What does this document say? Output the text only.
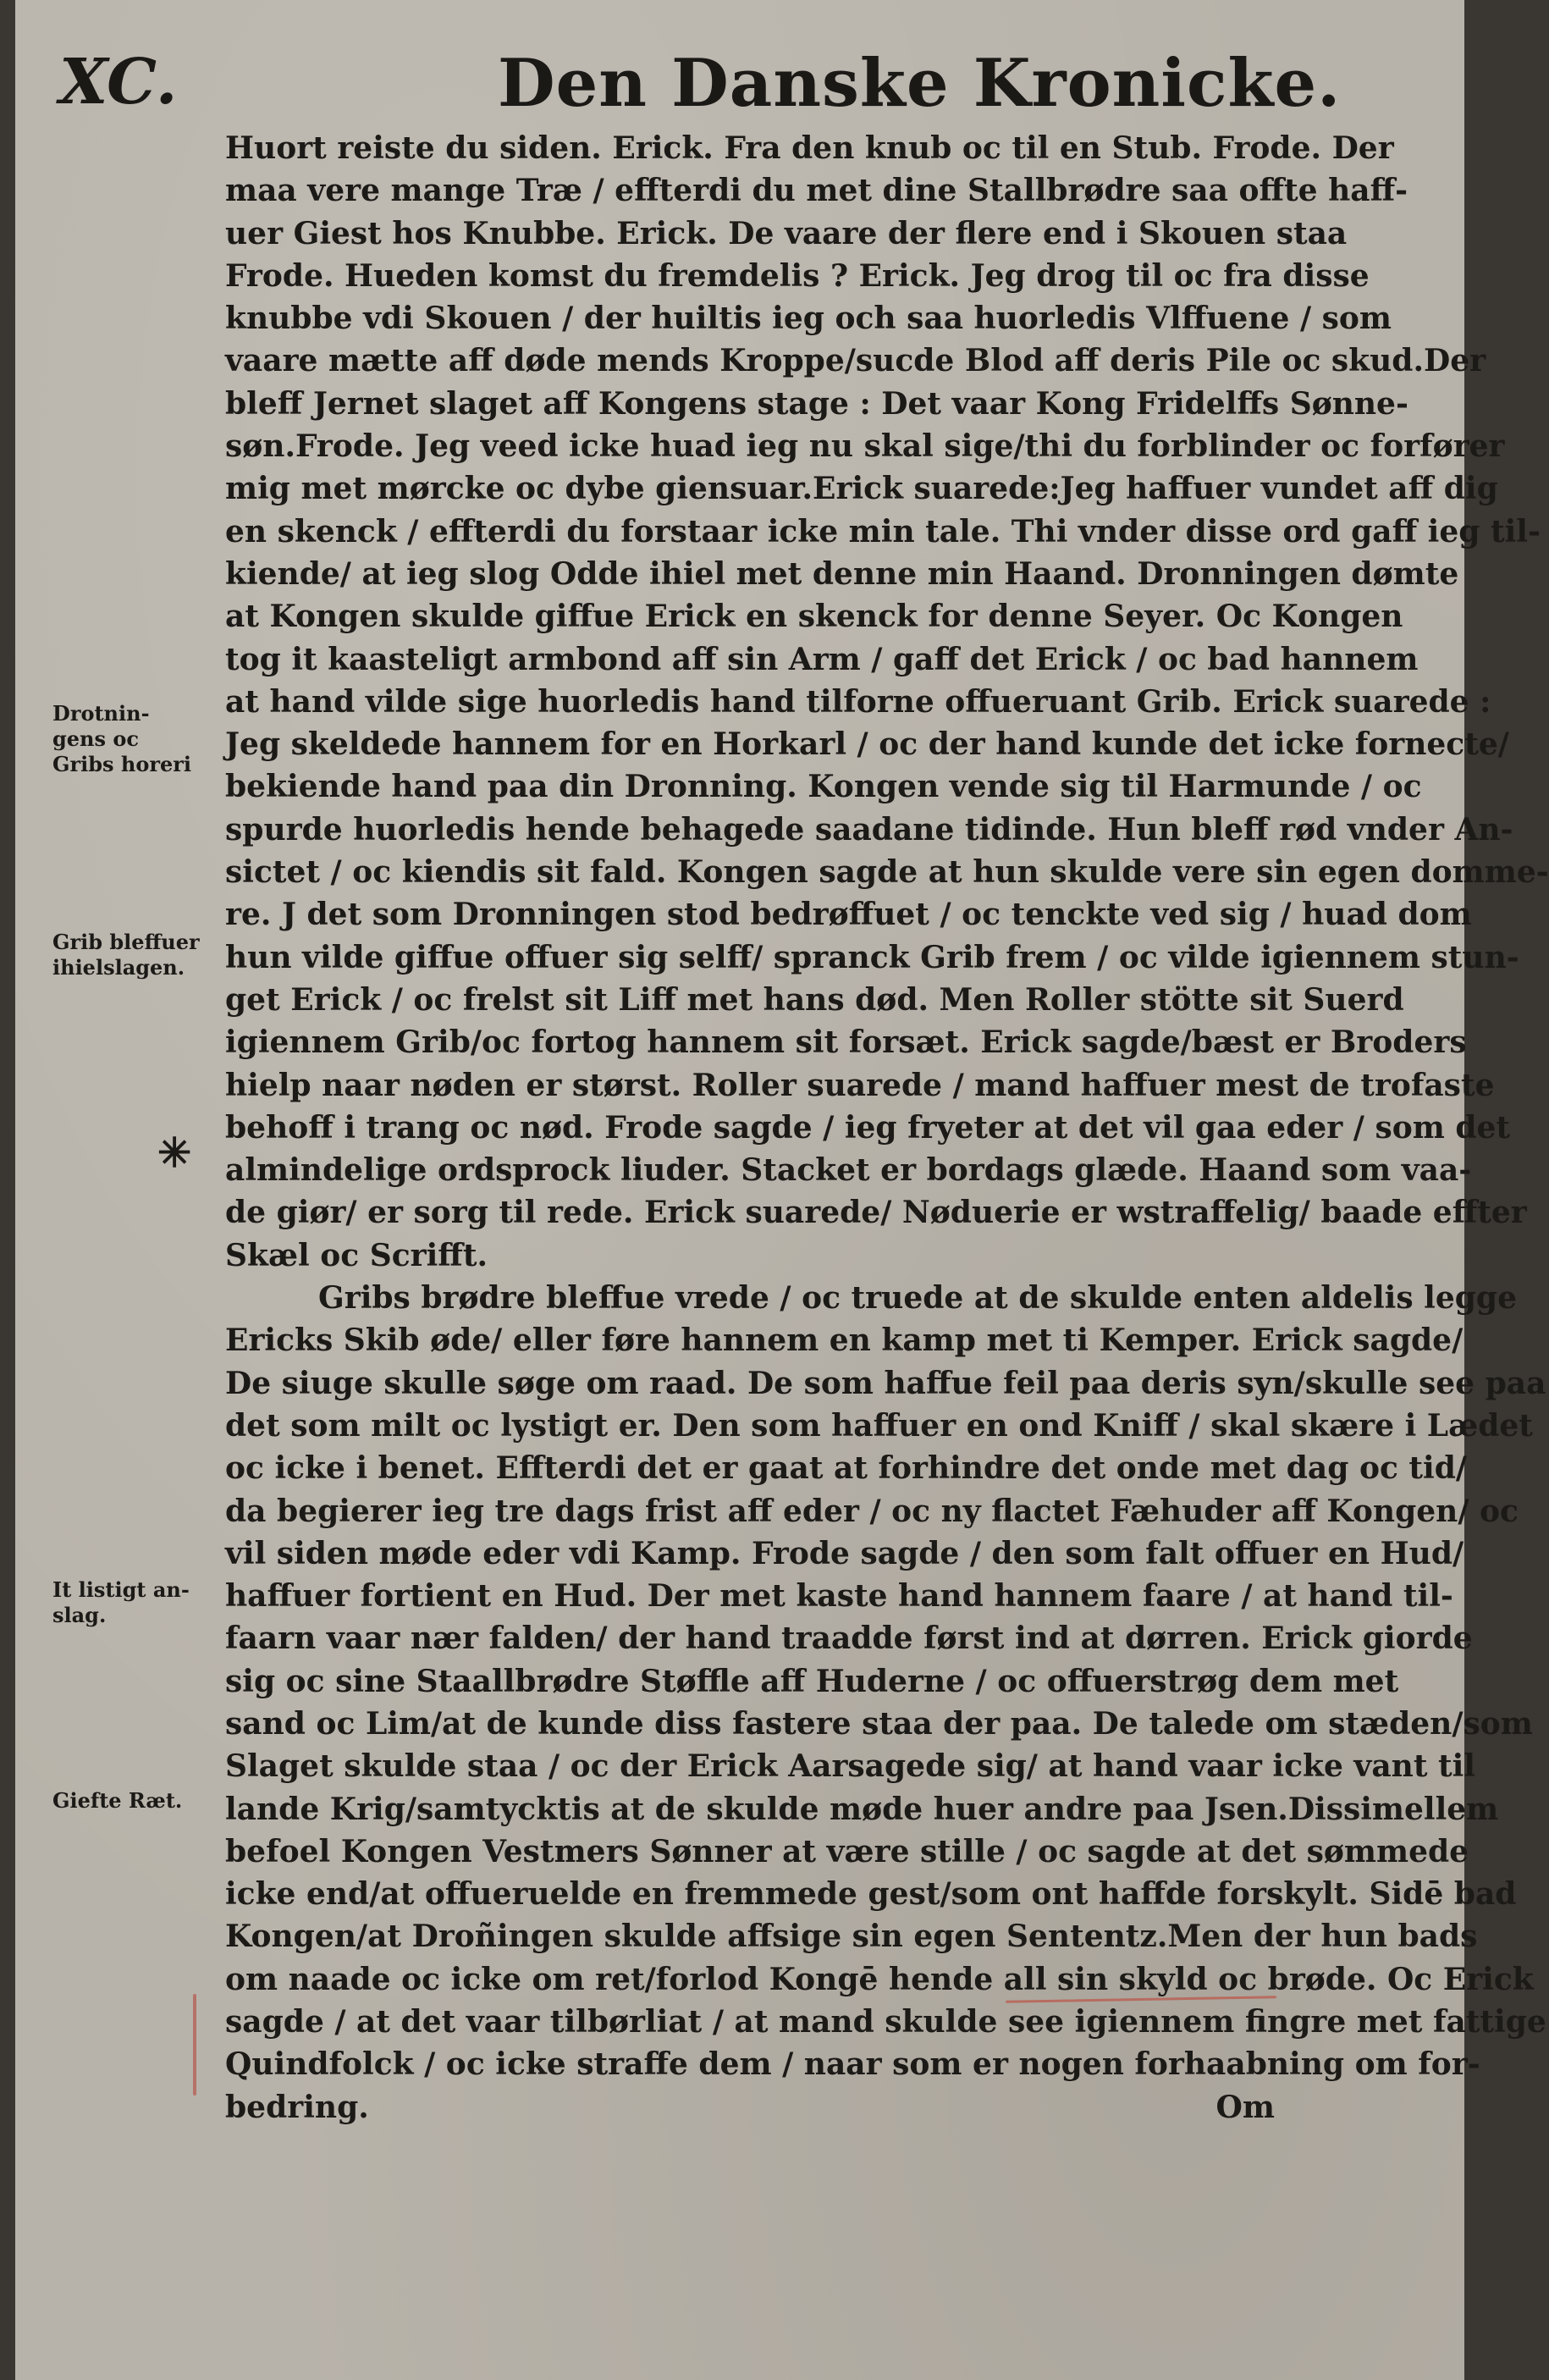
XC.	Den Danske Kronicke.
Huort reiste du siden. Erick. Fra den knub oc til en Stub. Frode. Der
maa vere mange Træ / effterdi du met dine Stallbrødre saa offte haff-
uer Giest hos Knubbe. Erick. De vaare der flere end i Skouen staa
Frode. Hueden komst du fremdelis ? Erick. Jeg drog til oc fra disse
knubbe vdi Skouen / der huiltis ieg och saa huorledis Vlffuene / som
vaare mætte aff døde mends Kroppe/sucde Blod aff deris Pile oc skud.Der
bleff Jernet slaget aff Kongens stage : Det vaar Kong Fridelffs Sønne-
søn.Frode. Jeg veed icke huad ieg nu skal sige/thi du forblinder oc forfører
mig met mørcke oc dybe giensuar.Erick suarede:Jeg haffuer vundet aff dig
en skenck / effterdi du forstaar icke min tale. Thi vnder disse ord gaff ieg til-
kiende/ at ieg slog Odde ihiel met denne min Haand. Dronningen dømte
at Kongen skulde giffue Erick en skenck for denne Seyer. Oc Kongen
tog it kaasteligt armbond aff sin Arm / gaff det Erick / oc bad hannem
at hand vilde sige huorledis hand tilforne offueruant Grib. Erick suarede :
Jeg skeldede hannem for en Horkarl / oc der hand kunde det icke fornecte/
bekiende hand paa din Dronning. Kongen vende sig til Harmunde / oc
spurde huorledis hende behagede saadane tidinde. Hun bleff rød vnder An-
sictet / oc kiendis sit fald. Kongen sagde at hun skulde vere sin egen domme-
re. J det som Dronningen stod bedrøffuet / oc tenckte ved sig / huad dom
hun vilde giffue offuer sig selff/ spranck Grib frem / oc vilde igiennem stun-
get Erick / oc frelst sit Liff met hans død. Men Roller stötte sit Suerd
igiennem Grib/oc fortog hannem sit forsæt. Erick sagde/bæst er Broders
hielp naar nøden er størst. Roller suarede / mand haffuer mest de trofaste
behoff i trang oc nød. Frode sagde / ieg fryeter at det vil gaa eder / som det
almindelige ordsprock liuder. Stacket er bordags glæde. Haand som vaa-
de giør/ er sorg til rede. Erick suarede/ Nøduerie er wstraffelig/ baade effter
Skæl oc Scrifft.
Gribs brødre bleffue vrede / oc truede at de skulde enten aldelis legge
Ericks Skib øde/ eller føre hannem en kamp met ti Kemper. Erick sagde/
De siuge skulle søge om raad. De som haffue feil paa deris syn/skulle see paa
det som milt oc lystigt er. Den som haffuer en ond Kniff / skal skære i Lædet
oc icke i benet. Effterdi det er gaat at forhindre det onde met dag oc tid/
da begierer ieg tre dags frist aff eder / oc ny flactet Fæhuder aff Kongen/ oc
vil siden møde eder vdi Kamp. Frode sagde / den som falt offuer en Hud/
haffuer fortient en Hud. Der met kaste hand hannem faare / at hand til-
faarn vaar nær falden/ der hand traadde først ind at dørren. Erick giorde
sig oc sine Staallbrødre Støffle aff Huderne / oc offuerstrøg dem met
sand oc Lim/at de kunde diss fastere staa der paa. De talede om stæden/som
Slaget skulde staa / oc der Erick Aarsagede sig/ at hand vaar icke vant til
lande Krig/samtycktis at de skulde møde huer andre paa Jsen.Dissimellem
befoel Kongen Vestmers Sønner at være stille / oc sagde at det sømmede
icke end/at offueruelde en fremmede gest/som ont haffde forskylt. Sidē bad
Kongen/at Droñingen skulde affsige sin egen Sententz.Men der hun bads
om naade oc icke om ret/forlod Kongē hende all sin skyld oc brøde. Oc Erick
sagde / at det vaar tilbørliat / at mand skulde see igiennem fingre met fattige
Quindfolck / oc icke straffe dem / naar som er nogen forhaabning om for-
bedring.	Om
Drotnin-
gens oc
Gribs horeri
Grib bleffuer
ihielslagen.
It listigt an-
slag.
Giefte Ræt.
✳
